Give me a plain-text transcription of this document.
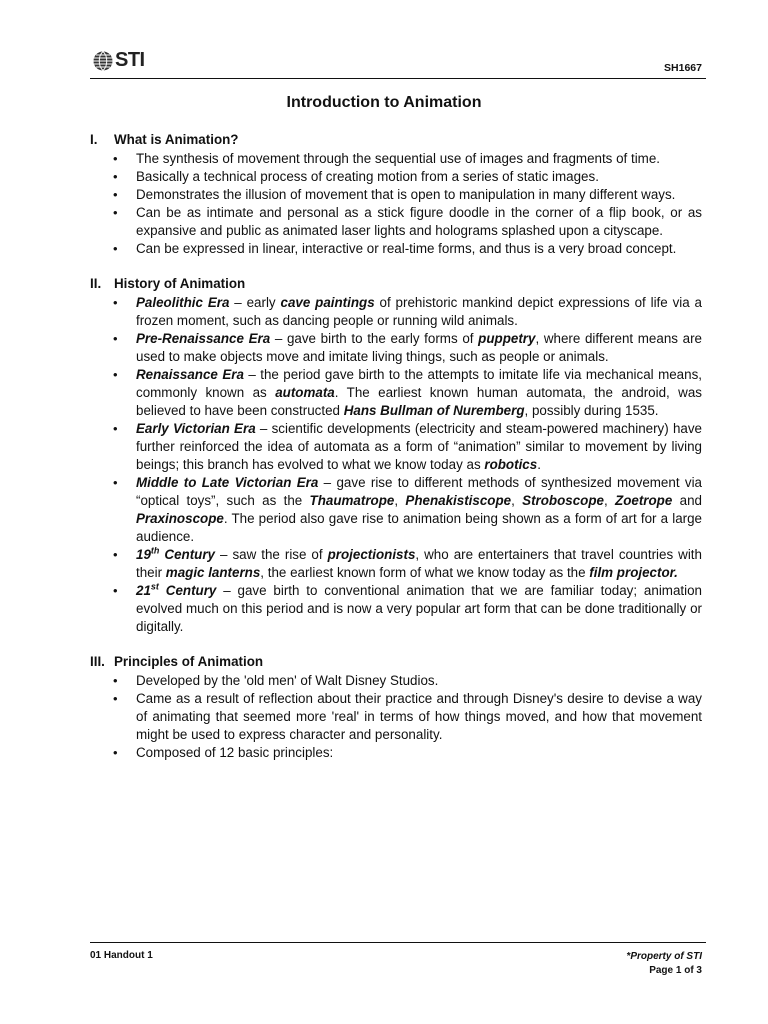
STI	SH1667
Introduction to Animation
I.	What is Animation?
• The synthesis of movement through the sequential use of images and fragments of time.
• Basically a technical process of creating motion from a series of static images.
• Demonstrates the illusion of movement that is open to manipulation in many different ways.
• Can be as intimate and personal as a stick figure doodle in the corner of a flip book, or as expansive and public as animated laser lights and holograms splashed upon a cityscape.
• Can be expressed in linear, interactive or real-time forms, and thus is a very broad concept.
II. History of Animation
• Paleolithic Era – early cave paintings of prehistoric mankind depict expressions of life via a frozen moment, such as dancing people or running wild animals.
• Pre-Renaissance Era – gave birth to the early forms of puppetry, where different means are used to make objects move and imitate living things, such as people or animals.
• Renaissance Era – the period gave birth to the attempts to imitate life via mechanical means, commonly known as automata. The earliest known human automata, the android, was believed to have been constructed Hans Bullman of Nuremberg, possibly during 1535.
• Early Victorian Era – scientific developments (electricity and steam-powered machinery) have further reinforced the idea of automata as a form of “animation” similar to movement by living beings; this branch has evolved to what we know today as robotics.
• Middle to Late Victorian Era – gave rise to different methods of synthesized movement via “optical toys”, such as the Thaumatrope, Phenakistiscope, Stroboscope, Zoetrope and Praxinoscope. The period also gave rise to animation being shown as a form of art for a large audience.
• 19th Century – saw the rise of projectionists, who are entertainers that travel countries with their magic lanterns, the earliest known form of what we know today as the film projector.
• 21st Century – gave birth to conventional animation that we are familiar today; animation evolved much on this period and is now a very popular art form that can be done traditionally or digitally.
III. Principles of Animation
• Developed by the 'old men' of Walt Disney Studios.
• Came as a result of reflection about their practice and through Disney's desire to devise a way of animating that seemed more 'real' in terms of how things moved, and how that movement might be used to express character and personality.
• Composed of 12 basic principles:
01 Handout 1	*Property of STI
Page 1 of 3
